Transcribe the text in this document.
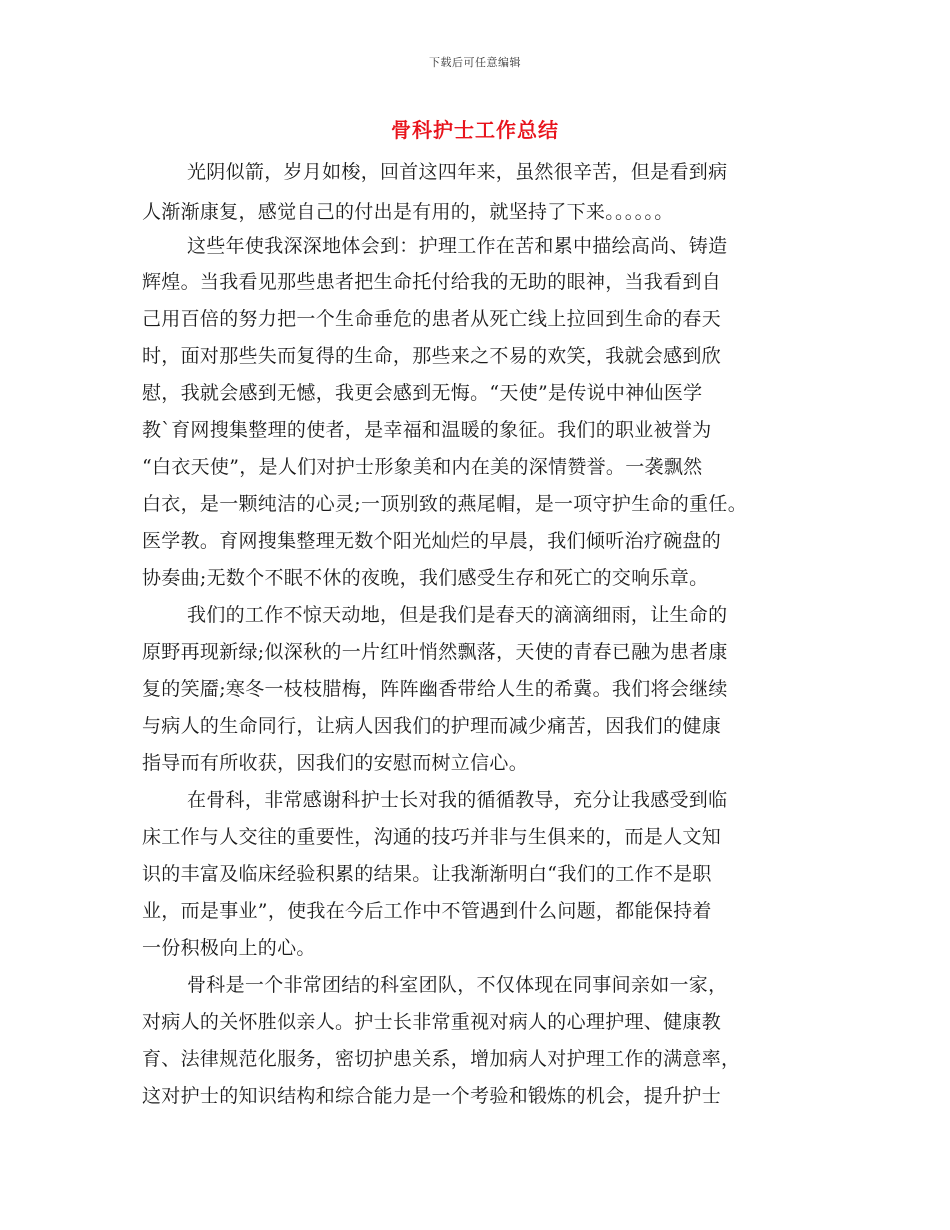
下载后可任意编辑
骨科护士工作总结
光阴似箭，岁月如梭，回首这四年来，虽然很辛苦，但是看到病
人渐渐康复，感觉自己的付出是有用的，就坚持了下来。。。。。。
这些年使我深深地体会到：护理工作在苦和累中描绘高尚、铸造
辉煌。当我看见那些患者把生命托付给我的无助的眼神，当我看到自
己用百倍的努力把一个生命垂危的患者从死亡线上拉回到生命的春天
时，面对那些失而复得的生命，那些来之不易的欢笑，我就会感到欣
慰，我就会感到无憾，我更会感到无悔。“天使”是传说中神仙医学
教`育网搜集整理的使者，是幸福和温暖的象征。我们的职业被誉为
“白衣天使”，是人们对护士形象美和内在美的深情赞誉。一袭飘然
白衣，是一颗纯洁的心灵;一顶别致的燕尾帽，是一项守护生命的重任。
医学教。育网搜集整理无数个阳光灿烂的早晨，我们倾听治疗碗盘的
协奏曲;无数个不眠不休的夜晚，我们感受生存和死亡的交响乐章。
我们的工作不惊天动地，但是我们是春天的滴滴细雨，让生命的
原野再现新绿;似深秋的一片红叶悄然飘落，天使的青春已融为患者康
复的笑靥;寒冬一枝枝腊梅，阵阵幽香带给人生的希冀。我们将会继续
与病人的生命同行，让病人因我们的护理而减少痛苦，因我们的健康
指导而有所收获，因我们的安慰而树立信心。
在骨科，非常感谢科护士长对我的循循教导，充分让我感受到临
床工作与人交往的重要性，沟通的技巧并非与生俱来的，而是人文知
识的丰富及临床经验积累的结果。让我渐渐明白“我们的工作不是职
业，而是事业”，使我在今后工作中不管遇到什么问题，都能保持着
一份积极向上的心。
骨科是一个非常团结的科室团队，不仅体现在同事间亲如一家，
对病人的关怀胜似亲人。护士长非常重视对病人的心理护理、健康教
育、法律规范化服务，密切护患关系，增加病人对护理工作的满意率，
这对护士的知识结构和综合能力是一个考验和锻炼的机会，提升护士
